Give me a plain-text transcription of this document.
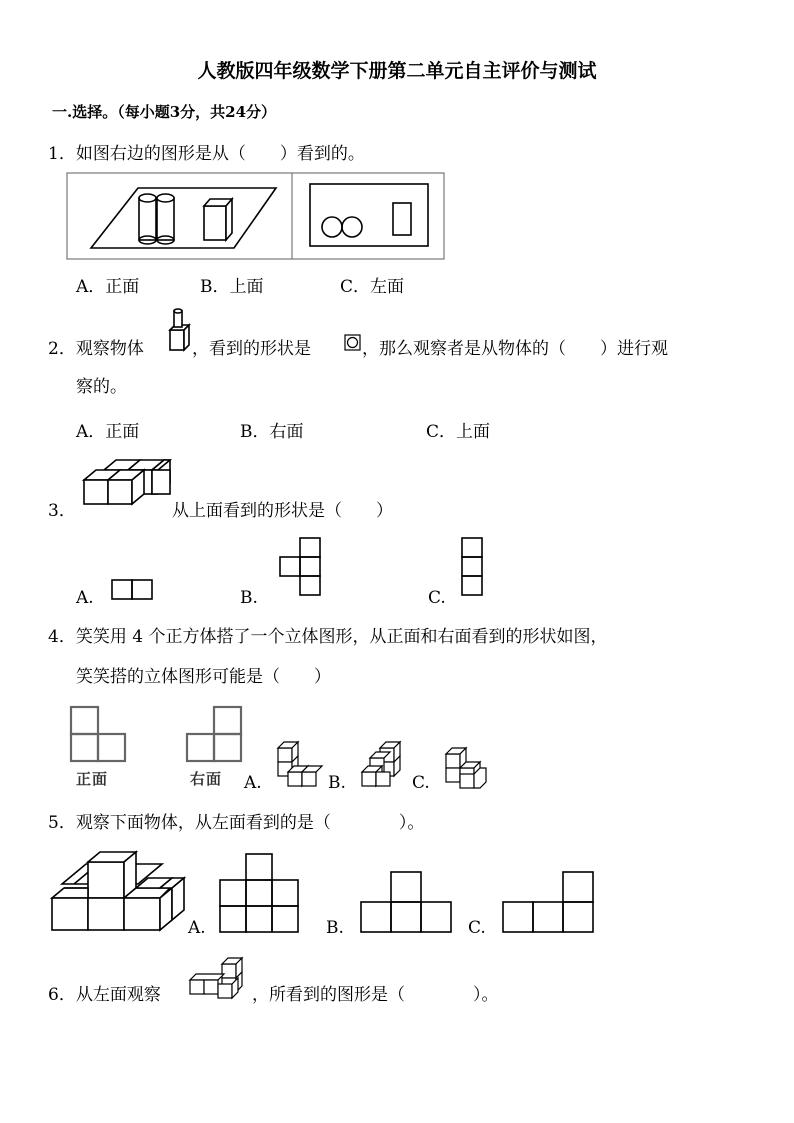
人教版四年级数学下册第二单元自主评价与测试
一.选择。（每小题3分，共24分）
1．如图右边的图形是从（　　）看到的。
A．正面	B．上面	C．左面
2．观察物体	，看到的形状是	，那么观察者是从物体的（　　）进行观
察的。
A．正面	B．右面	C．上面
3．	从上面看到的形状是（　　）
A.	B.	C.
4．笑笑用 4 个正方体搭了一个立体图形，从正面和右面看到的形状如图，
笑笑搭的立体图形可能是（　　）
正面	右面 A.	B.	C.
5．观察下面物体，从左面看到的是（　　　　）。
A.	B.	C.
6．从左面观察	，所看到的图形是（　　　　）。
